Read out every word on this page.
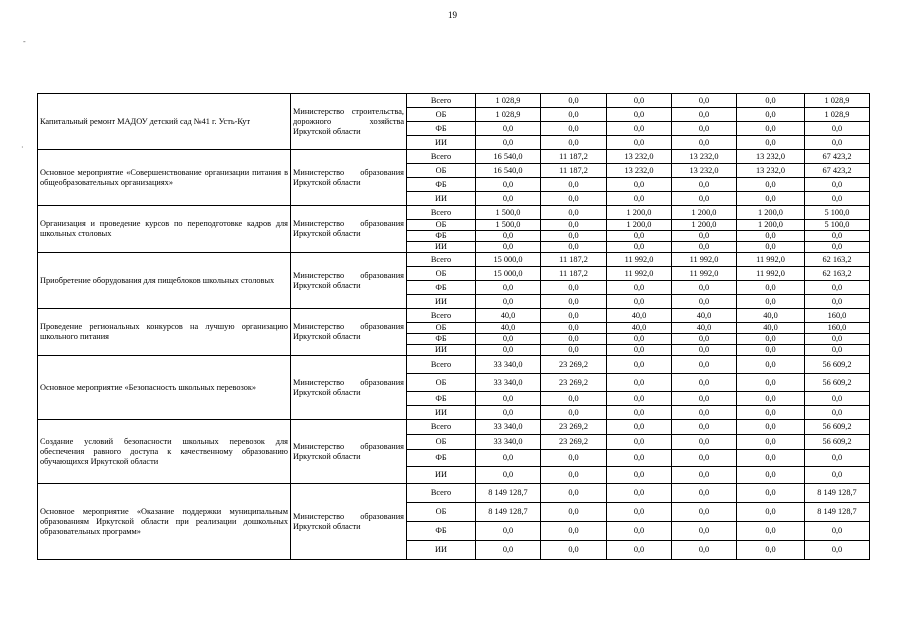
19
-
·
Капитальный ремонт МАДОУ детский сад №41 г. Усть-Кут	Министерство строительства, дорожного хозяйства Иркутской области	Всего	1 028,9	0,0	0,0	0,0	0,0	1 028,9
		ОБ	1 028,9	0,0	0,0	0,0	0,0	1 028,9
		ФБ	0,0	0,0	0,0	0,0	0,0	0,0
		ИИ	0,0	0,0	0,0	0,0	0,0	0,0
Основное мероприятие «Совершенствование организации питания в общеобразовательных организациях»	Министерство образования Иркутской области	Всего	16 540,0	11 187,2	13 232,0	13 232,0	13 232,0	67 423,2
		ОБ	16 540,0	11 187,2	13 232,0	13 232,0	13 232,0	67 423,2
		ФБ	0,0	0,0	0,0	0,0	0,0	0,0
		ИИ	0,0	0,0	0,0	0,0	0,0	0,0
Организация и проведение курсов по переподготовке кадров для школьных столовых	Министерство образования Иркутской области	Всего	1 500,0	0,0	1 200,0	1 200,0	1 200,0	5 100,0
		ОБ	1 500,0	0,0	1 200,0	1 200,0	1 200,0	5 100,0
		ФБ	0,0	0,0	0,0	0,0	0,0	0,0
		ИИ	0,0	0,0	0,0	0,0	0,0	0,0
Приобретение оборудования для пищеблоков школьных столовых	Министерство образования Иркутской области	Всего	15 000,0	11 187,2	11 992,0	11 992,0	11 992,0	62 163,2
		ОБ	15 000,0	11 187,2	11 992,0	11 992,0	11 992,0	62 163,2
		ФБ	0,0	0,0	0,0	0,0	0,0	0,0
		ИИ	0,0	0,0	0,0	0,0	0,0	0,0
Проведение региональных конкурсов на лучшую организацию школьного питания	Министерство образования Иркутской области	Всего	40,0	0,0	40,0	40,0	40,0	160,0
		ОБ	40,0	0,0	40,0	40,0	40,0	160,0
		ФБ	0,0	0,0	0,0	0,0	0,0	0,0
		ИИ	0,0	0,0	0,0	0,0	0,0	0,0
Основное мероприятие «Безопасность школьных перевозок»	Министерство образования Иркутской области	Всего	33 340,0	23 269,2	0,0	0,0	0,0	56 609,2
		ОБ	33 340,0	23 269,2	0,0	0,0	0,0	56 609,2
		ФБ	0,0	0,0	0,0	0,0	0,0	0,0
		ИИ	0,0	0,0	0,0	0,0	0,0	0,0
Создание условий безопасности школьных перевозок для обеспечения равного доступа к качественному образованию обучающихся Иркутской области	Министерство образования Иркутской области	Всего	33 340,0	23 269,2	0,0	0,0	0,0	56 609,2
		ОБ	33 340,0	23 269,2	0,0	0,0	0,0	56 609,2
		ФБ	0,0	0,0	0,0	0,0	0,0	0,0
		ИИ	0,0	0,0	0,0	0,0	0,0	0,0
Основное мероприятие «Оказание поддержки муниципальным образованиям Иркутской области при реализации дошкольных образовательных программ»	Министерство образования Иркутской области	Всего	8 149 128,7	0,0	0,0	0,0	0,0	8 149 128,7
		ОБ	8 149 128,7	0,0	0,0	0,0	0,0	8 149 128,7
		ФБ	0,0	0,0	0,0	0,0	0,0	0,0
		ИИ	0,0	0,0	0,0	0,0	0,0	0,0
